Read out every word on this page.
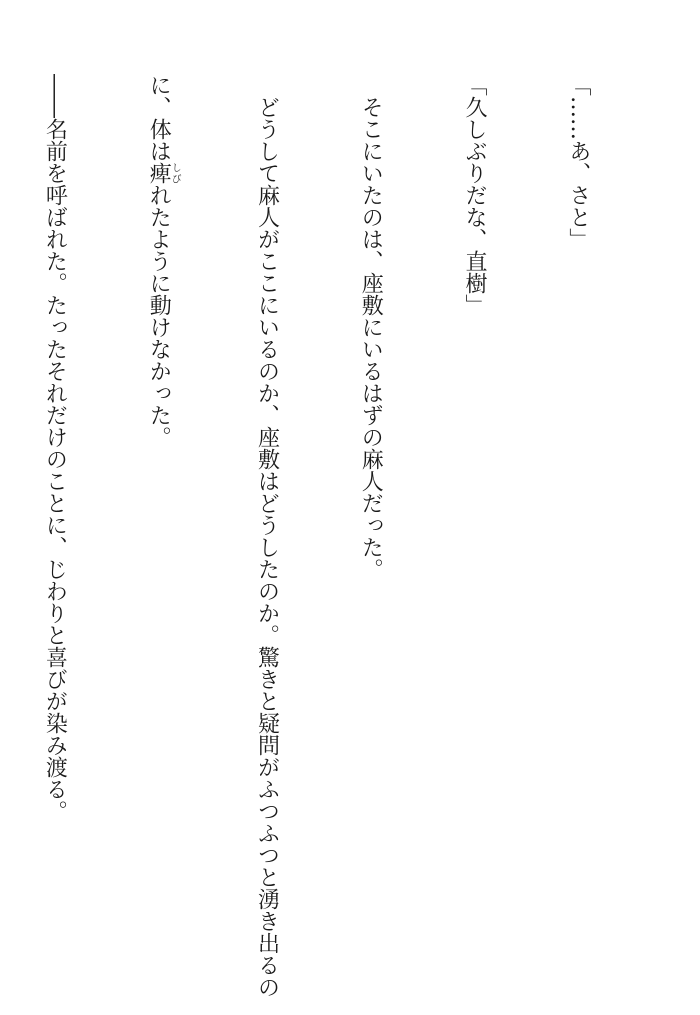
「……あ、さと」

「久しぶりだな、直樹」

　そこにいたのは、座敷にいるはずの麻人だった。

　どうして麻人がここにいるのか、座敷はどうしたのか。驚きと疑問がふつふつと湧き出るの

に、体は痺しびれたように動けなかった。

――名前を呼ばれた。たったそれだけのことに、じわりと喜びが染み渡る。
